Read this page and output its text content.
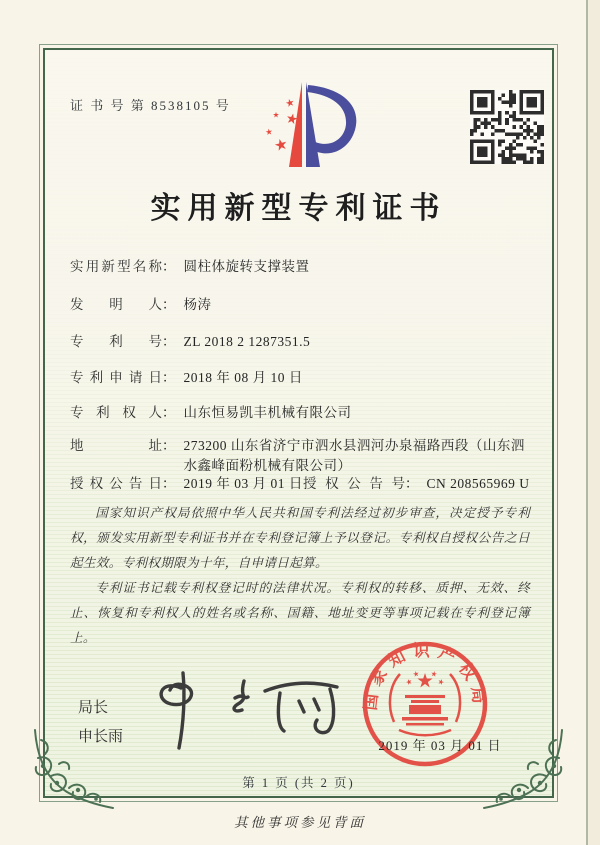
证 书 号 第 8538105 号
实用新型专利证书
实用新型名称 ： 圆柱体旋转支撑装置
发明人 ： 杨涛
专利号 ： ZL 2018 2 1287351.5
专利申请日 ： 2018 年 08 月 10 日
专利权人 ： 山东恒易凯丰机械有限公司
地址 ： 273200 山东省济宁市泗水县泗河办泉福路西段（山东泗水鑫峰面粉机械有限公司）
授权公告日 ： 2019 年 03 月 01 日 授权公告号 ： CN 208565969 U

国家知识产权局依照中华人民共和国专利法经过初步审查，决定授予专利权，颁发实用新型专利证书并在专利登记簿上予以登记。专利权自授权公告之日起生效。专利权期限为十年，自申请日起算。

专利证书记载专利权登记时的法律状况。专利权的转移、质押、无效、终止、恢复和专利权人的姓名或名称、国籍、地址变更等事项记载在专利登记簿上。

局长
申长雨
国家知识产权局
2019 年 03 月 01 日
第 1 页 (共 2 页)
其他事项参见背面
